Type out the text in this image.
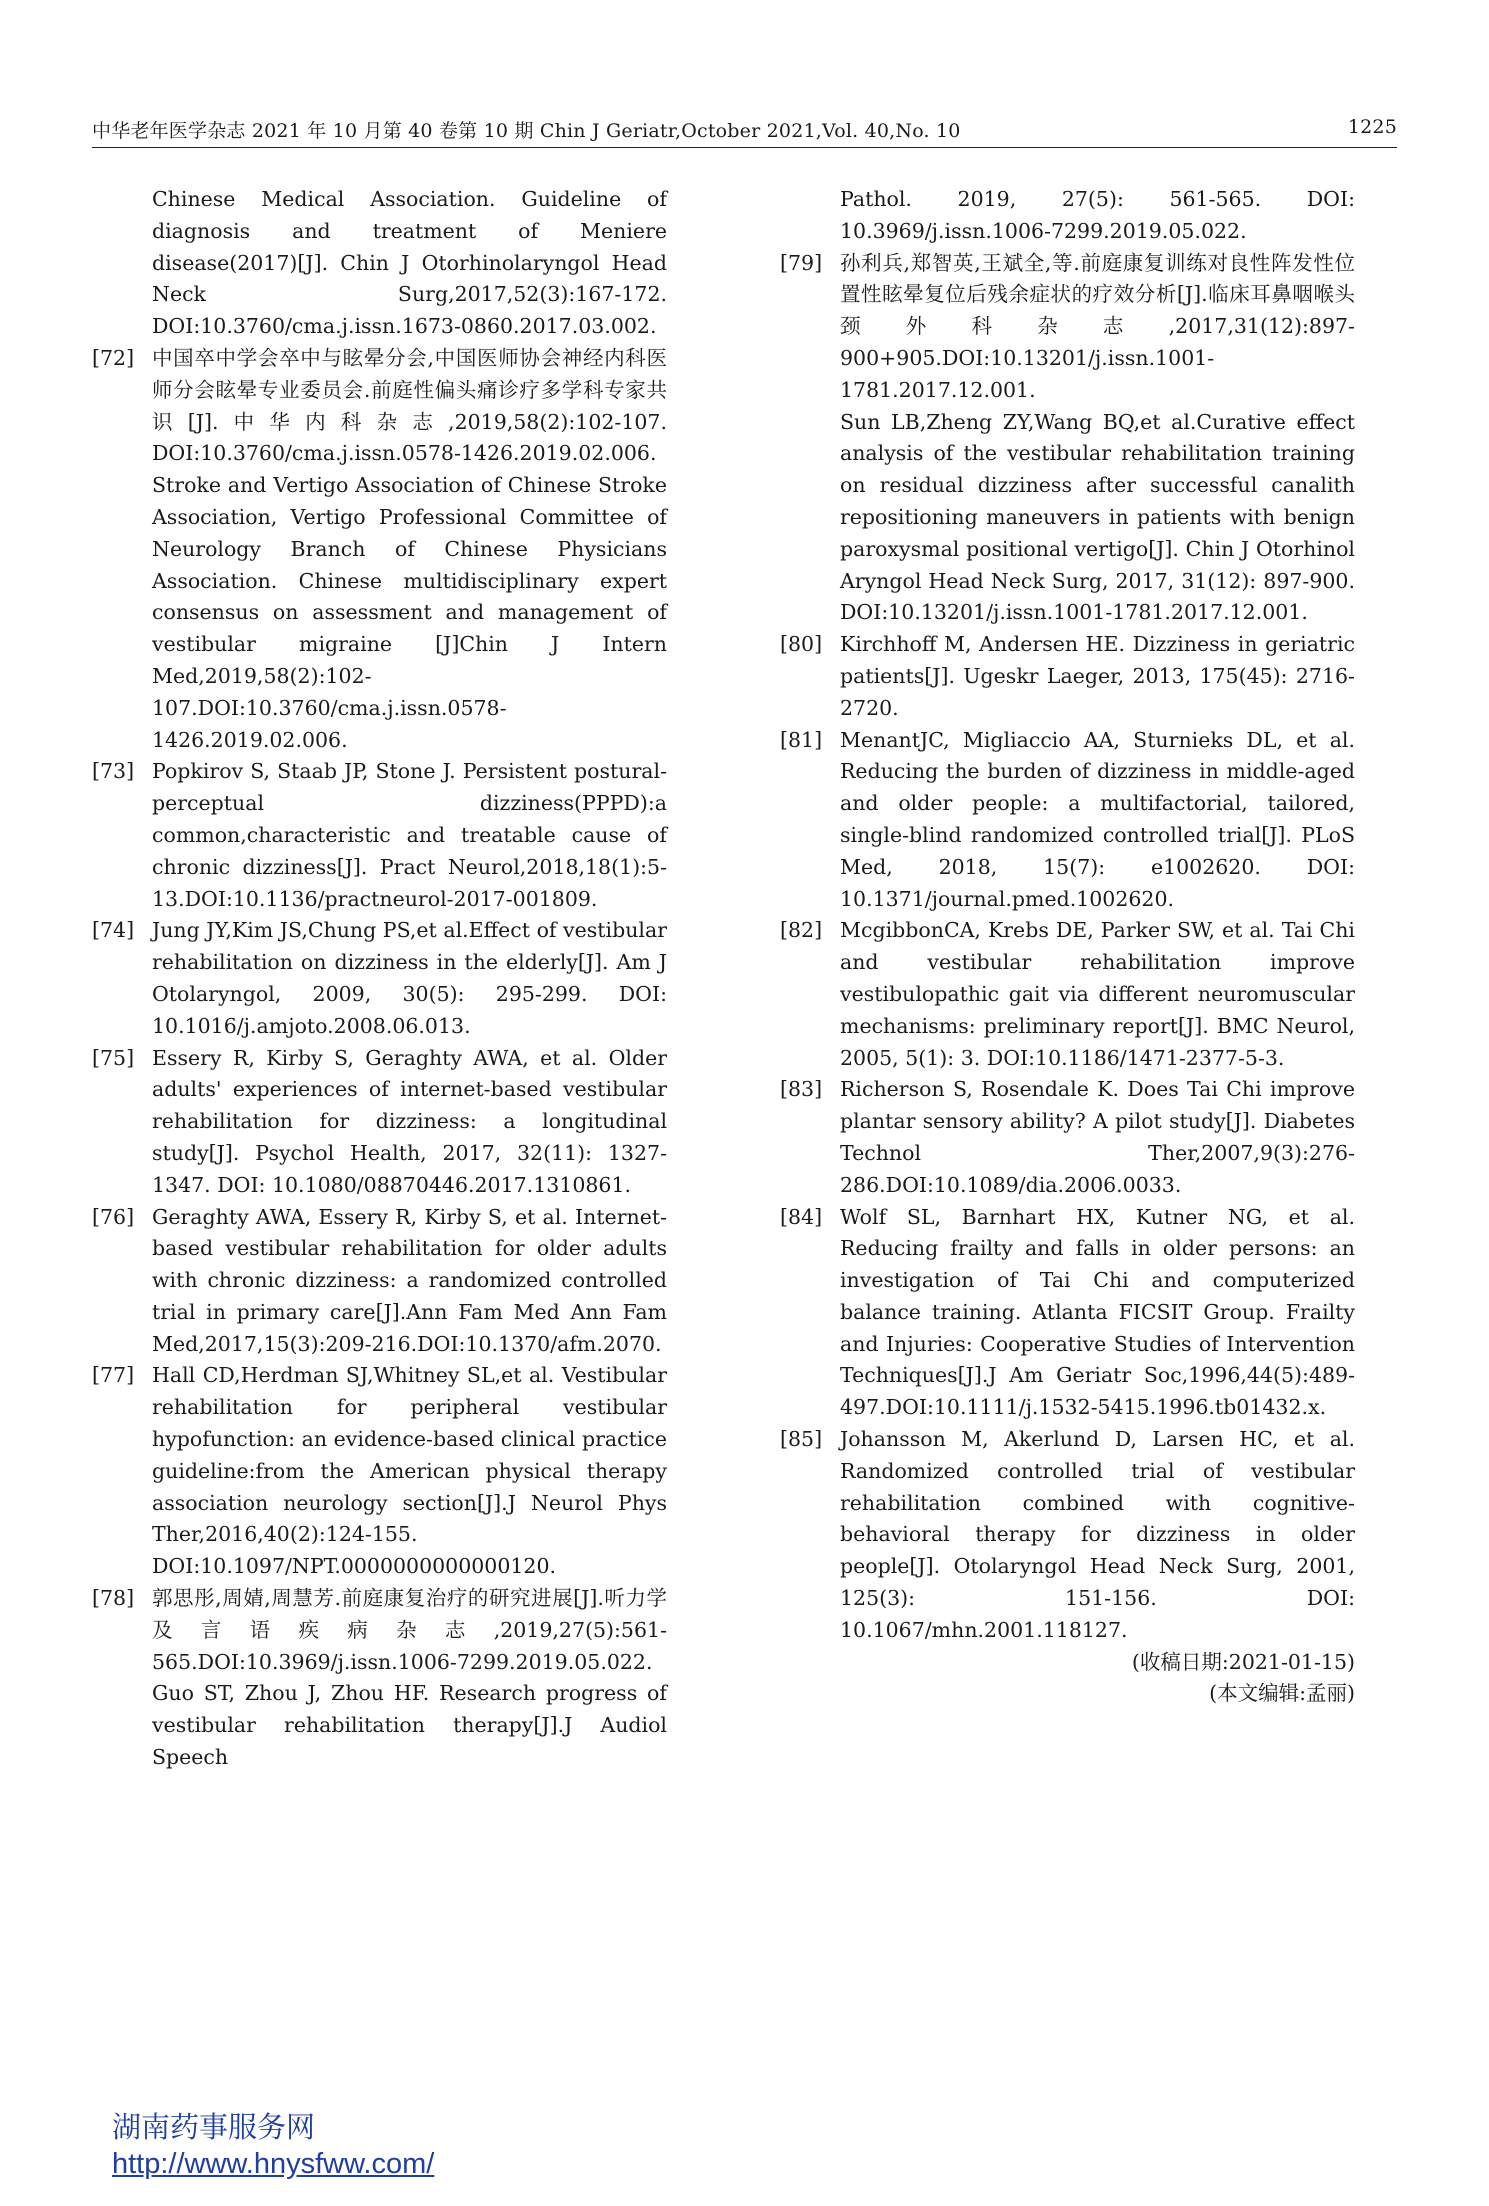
中华老年医学杂志 2021 年 10 月第 40 卷第 10 期 Chin J Geriatr,October 2021,Vol. 40,No. 10	1225
Chinese Medical Association. Guideline of diagnosis and treatment of Meniere disease(2017)[J]. Chin J Otorhinolaryngol Head Neck Surg,2017,52(3):167-172. DOI:10.3760/cma.j.issn.1673-0860.2017.03.002.
[72] 中国卒中学会卒中与眩晕分会,中国医师协会神经内科医师分会眩晕专业委员会.前庭性偏头痛诊疗多学科专家共识[J].中华内科杂志,2019,58(2):102-107. DOI:10.3760/cma.j.issn.0578-1426.2019.02.006.
Stroke and Vertigo Association of Chinese Stroke Association, Vertigo Professional Committee of Neurology Branch of Chinese Physicians Association. Chinese multidisciplinary expert consensus on assessment and management of vestibular migraine [J]Chin J Intern Med,2019,58(2):102-107.DOI:10.3760/cma.j.issn.0578-1426.2019.02.006.
[73] Popkirov S, Staab JP, Stone J. Persistent postural-perceptual dizziness(PPPD):a common,characteristic and treatable cause of chronic dizziness[J]. Pract Neurol,2018,18(1):5-13.DOI:10.1136/practneurol-2017-001809.
[74] Jung JY,Kim JS,Chung PS,et al.Effect of vestibular rehabilitation on dizziness in the elderly[J]. Am J Otolaryngol, 2009, 30(5): 295-299. DOI: 10.1016/j.amjoto.2008.06.013.
[75] Essery R, Kirby S, Geraghty AWA, et al. Older adults' experiences of internet-based vestibular rehabilitation for dizziness: a longitudinal study[J]. Psychol Health, 2017, 32(11): 1327-1347. DOI: 10.1080/08870446.2017.1310861.
[76] Geraghty AWA, Essery R, Kirby S, et al. Internet-based vestibular rehabilitation for older adults with chronic dizziness: a randomized controlled trial in primary care[J].Ann Fam Med Ann Fam Med,2017,15(3):209-216.DOI:10.1370/afm.2070.
[77] Hall CD,Herdman SJ,Whitney SL,et al. Vestibular rehabilitation for peripheral vestibular hypofunction: an evidence-based clinical practice guideline:from the American physical therapy association neurology section[J].J Neurol Phys Ther,2016,40(2):124-155. DOI:10.1097/NPT.0000000000000120.
[78] 郭思彤,周婧,周慧芳.前庭康复治疗的研究进展[J].听力学及言语疾病杂志,2019,27(5):561-565.DOI:10.3969/j.issn.1006-7299.2019.05.022.
Guo ST, Zhou J, Zhou HF. Research progress of vestibular rehabilitation therapy[J].J Audiol Speech
Pathol. 2019, 27(5): 561-565. DOI: 10.3969/j.issn.1006-7299.2019.05.022.
[79] 孙利兵,郑智英,王斌全,等.前庭康复训练对良性阵发性位置性眩晕复位后残余症状的疗效分析[J].临床耳鼻咽喉头颈外科杂志,2017,31(12):897-900+905.DOI:10.13201/j.issn.1001-1781.2017.12.001.
Sun LB,Zheng ZY,Wang BQ,et al.Curative effect analysis of the vestibular rehabilitation training on residual dizziness after successful canalith repositioning maneuvers in patients with benign paroxysmal positional vertigo[J]. Chin J Otorhinol Aryngol Head Neck Surg, 2017, 31(12): 897-900. DOI:10.13201/j.issn.1001-1781.2017.12.001.
[80] Kirchhoff M, Andersen HE. Dizziness in geriatric patients[J]. Ugeskr Laeger, 2013, 175(45): 2716-2720.
[81] MenantJC, Migliaccio AA, Sturnieks DL, et al. Reducing the burden of dizziness in middle-aged and older people: a multifactorial, tailored, single-blind randomized controlled trial[J]. PLoS Med, 2018, 15(7): e1002620. DOI: 10.1371/journal.pmed.1002620.
[82] McgibbonCA, Krebs DE, Parker SW, et al. Tai Chi and vestibular rehabilitation improve vestibulopathic gait via different neuromuscular mechanisms: preliminary report[J]. BMC Neurol, 2005, 5(1): 3. DOI:10.1186/1471-2377-5-3.
[83] Richerson S, Rosendale K. Does Tai Chi improve plantar sensory ability? A pilot study[J]. Diabetes Technol Ther,2007,9(3):276-286.DOI:10.1089/dia.2006.0033.
[84] Wolf SL, Barnhart HX, Kutner NG, et al. Reducing frailty and falls in older persons: an investigation of Tai Chi and computerized balance training. Atlanta FICSIT Group. Frailty and Injuries: Cooperative Studies of Intervention Techniques[J].J Am Geriatr Soc,1996,44(5):489-497.DOI:10.1111/j.1532-5415.1996.tb01432.x.
[85] Johansson M, Akerlund D, Larsen HC, et al. Randomized controlled trial of vestibular rehabilitation combined with cognitive-behavioral therapy for dizziness in older people[J]. Otolaryngol Head Neck Surg, 2001, 125(3): 151-156. DOI: 10.1067/mhn.2001.118127.
(收稿日期:2021-01-15)
(本文编辑:孟丽)
湖南药事服务网
http://www.hnysfww.com/
